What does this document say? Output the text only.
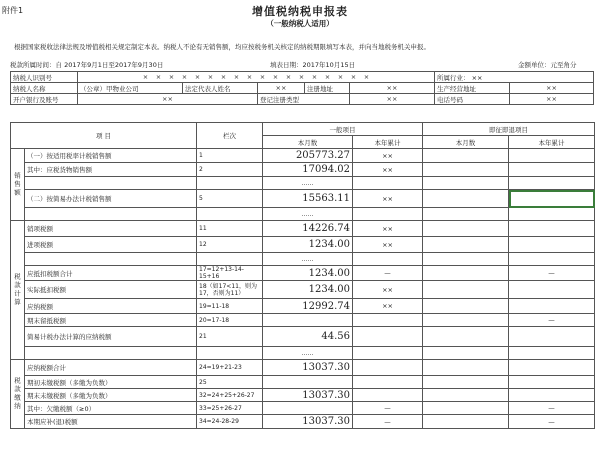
附件1	增值税纳税申报表
（一般纳税人适用）
根据国家税收法律法规及增值税相关规定制定本表。纳税人不论有无销售额，均应按税务机关核定的纳税期限填写本表，并向当地税务机关申报。
税款所属时间：自 2017年9月1日至2017年9月30日	填表日期：2017年10月15日	金额单位：元至角分
纳税人识别号	× × × × × × × × × × × × × × × × × ×					所属行业： ××	
纳税人名称	（公章）甲物业公司	法定代表人姓名	××	注册地址	××	生产经营地址	××
开户银行及账号	××		登记注册类型		××	电话号码	××
项 目		栏次	一般项目		即征即退项目	
			本月数	本年累计	本月数	本年累计
销售额	（一）按适用税率计税销售额	1	205773.27	××		
	其中：应税货物销售额	2	17094.02	××		
			......			
	（二）按简易办法计税销售额	5	15563.11	××		
			......			
税款计算	销项税额	11	14226.74	××		
	进项税额	12	1234.00	××		
			......			
	应抵扣税额合计	17=12+13-14-15+16	1234.00	—		—
	实际抵扣税额	18（如17<11，则为17，否则为11）	1234.00	××		
	应纳税额	19=11-18	12992.74	××		
	期末留抵税额	20=17-18				—
	简易计税办法计算的应纳税额	21	44.56			
			......			
税款缴纳	应纳税额合计	24=19+21-23	13037.30			
	期初未缴税额（多缴为负数）	25				
	期末未缴税额（多缴为负数）	32=24+25+26-27	13037.30			
	其中：欠缴税额（≥0）	33=25+26-27		—		—
	本期应补(退)税额	34=24-28-29	13037.30	—		—
